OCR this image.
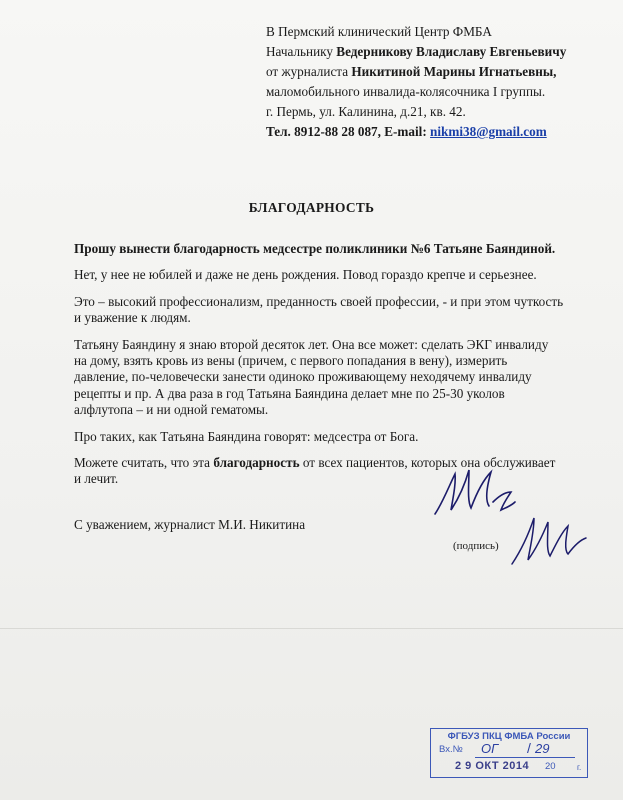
В Пермский клинический Центр ФМБА
Начальнику Ведерникову Владиславу Евгеньевичу
от журналиста Никитиной Марины Игнатьевны,
маломобильного инвалида-колясочника I группы.
г. Пермь, ул. Калинина, д.21, кв. 42.
Тел. 8912-88 28 087, E-mail: nikmi38@gmail.com
БЛАГОДАРНОСТЬ

Прошу вынести благодарность медсестре поликлиники №6 Татьяне Баяндиной.

Нет, у нее не юбилей и даже не день рождения. Повод гораздо крепче и серьезнее.

Это – высокий профессионализм, преданность своей профессии, - и при этом чуткость и уважение к людям.

Татьяну Баяндину я знаю второй десяток лет. Она все может: сделать ЭКГ инвалиду на дому, взять кровь из вены (причем, с первого попадания в вену), измерить давление, по-человечески занести одиноко проживающему неходячему инвалиду рецепты и пр. А два раза в год Татьяна Баяндина делает мне по 25-30 уколов алфлутопа – и ни одной гематомы.

Про таких, как Татьяна Баяндина говорят: медсестра от Бога.

Можете считать, что эта благодарность от всех пациентов, которых она обслуживает и лечит.

С уважением, журналист М.И. Никитина
(подпись)
ФГБУЗ ПКЦ ФМБА России
Вх.№ ОГ / 29
2 9 ОКТ 2014 20	г.
